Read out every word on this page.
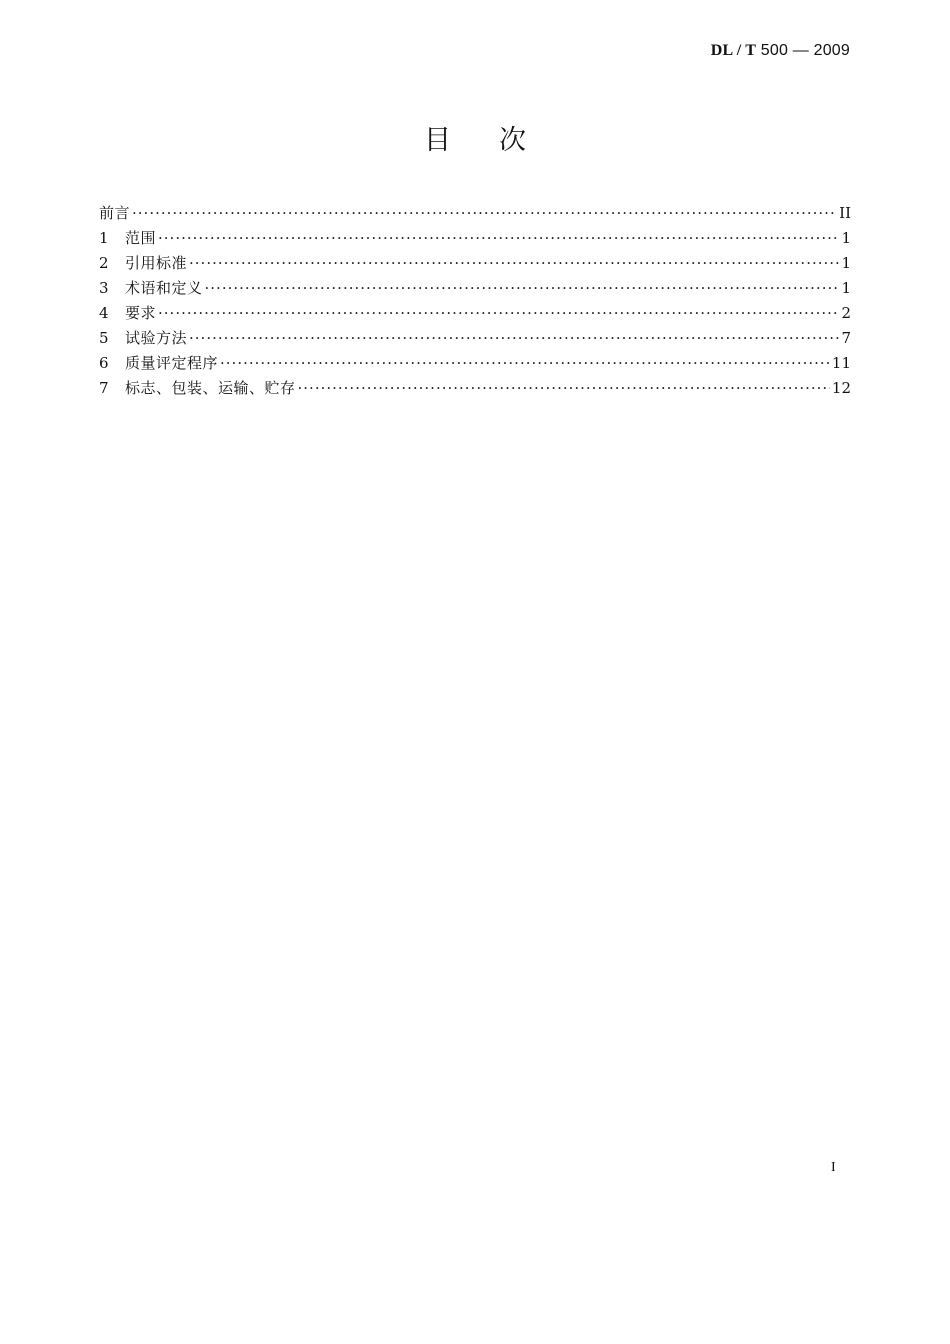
DL / T 500 — 2009
目次
前言 ·····	II
1	范围 ·····	1
2	引用标准 ·····	1
3	术语和定义 ·····	1
4	要求 ·····	2
5	试验方法 ·····	7
6	质量评定程序 ·····	11
7	标志、包装、运输、贮存 ·····	12
I
